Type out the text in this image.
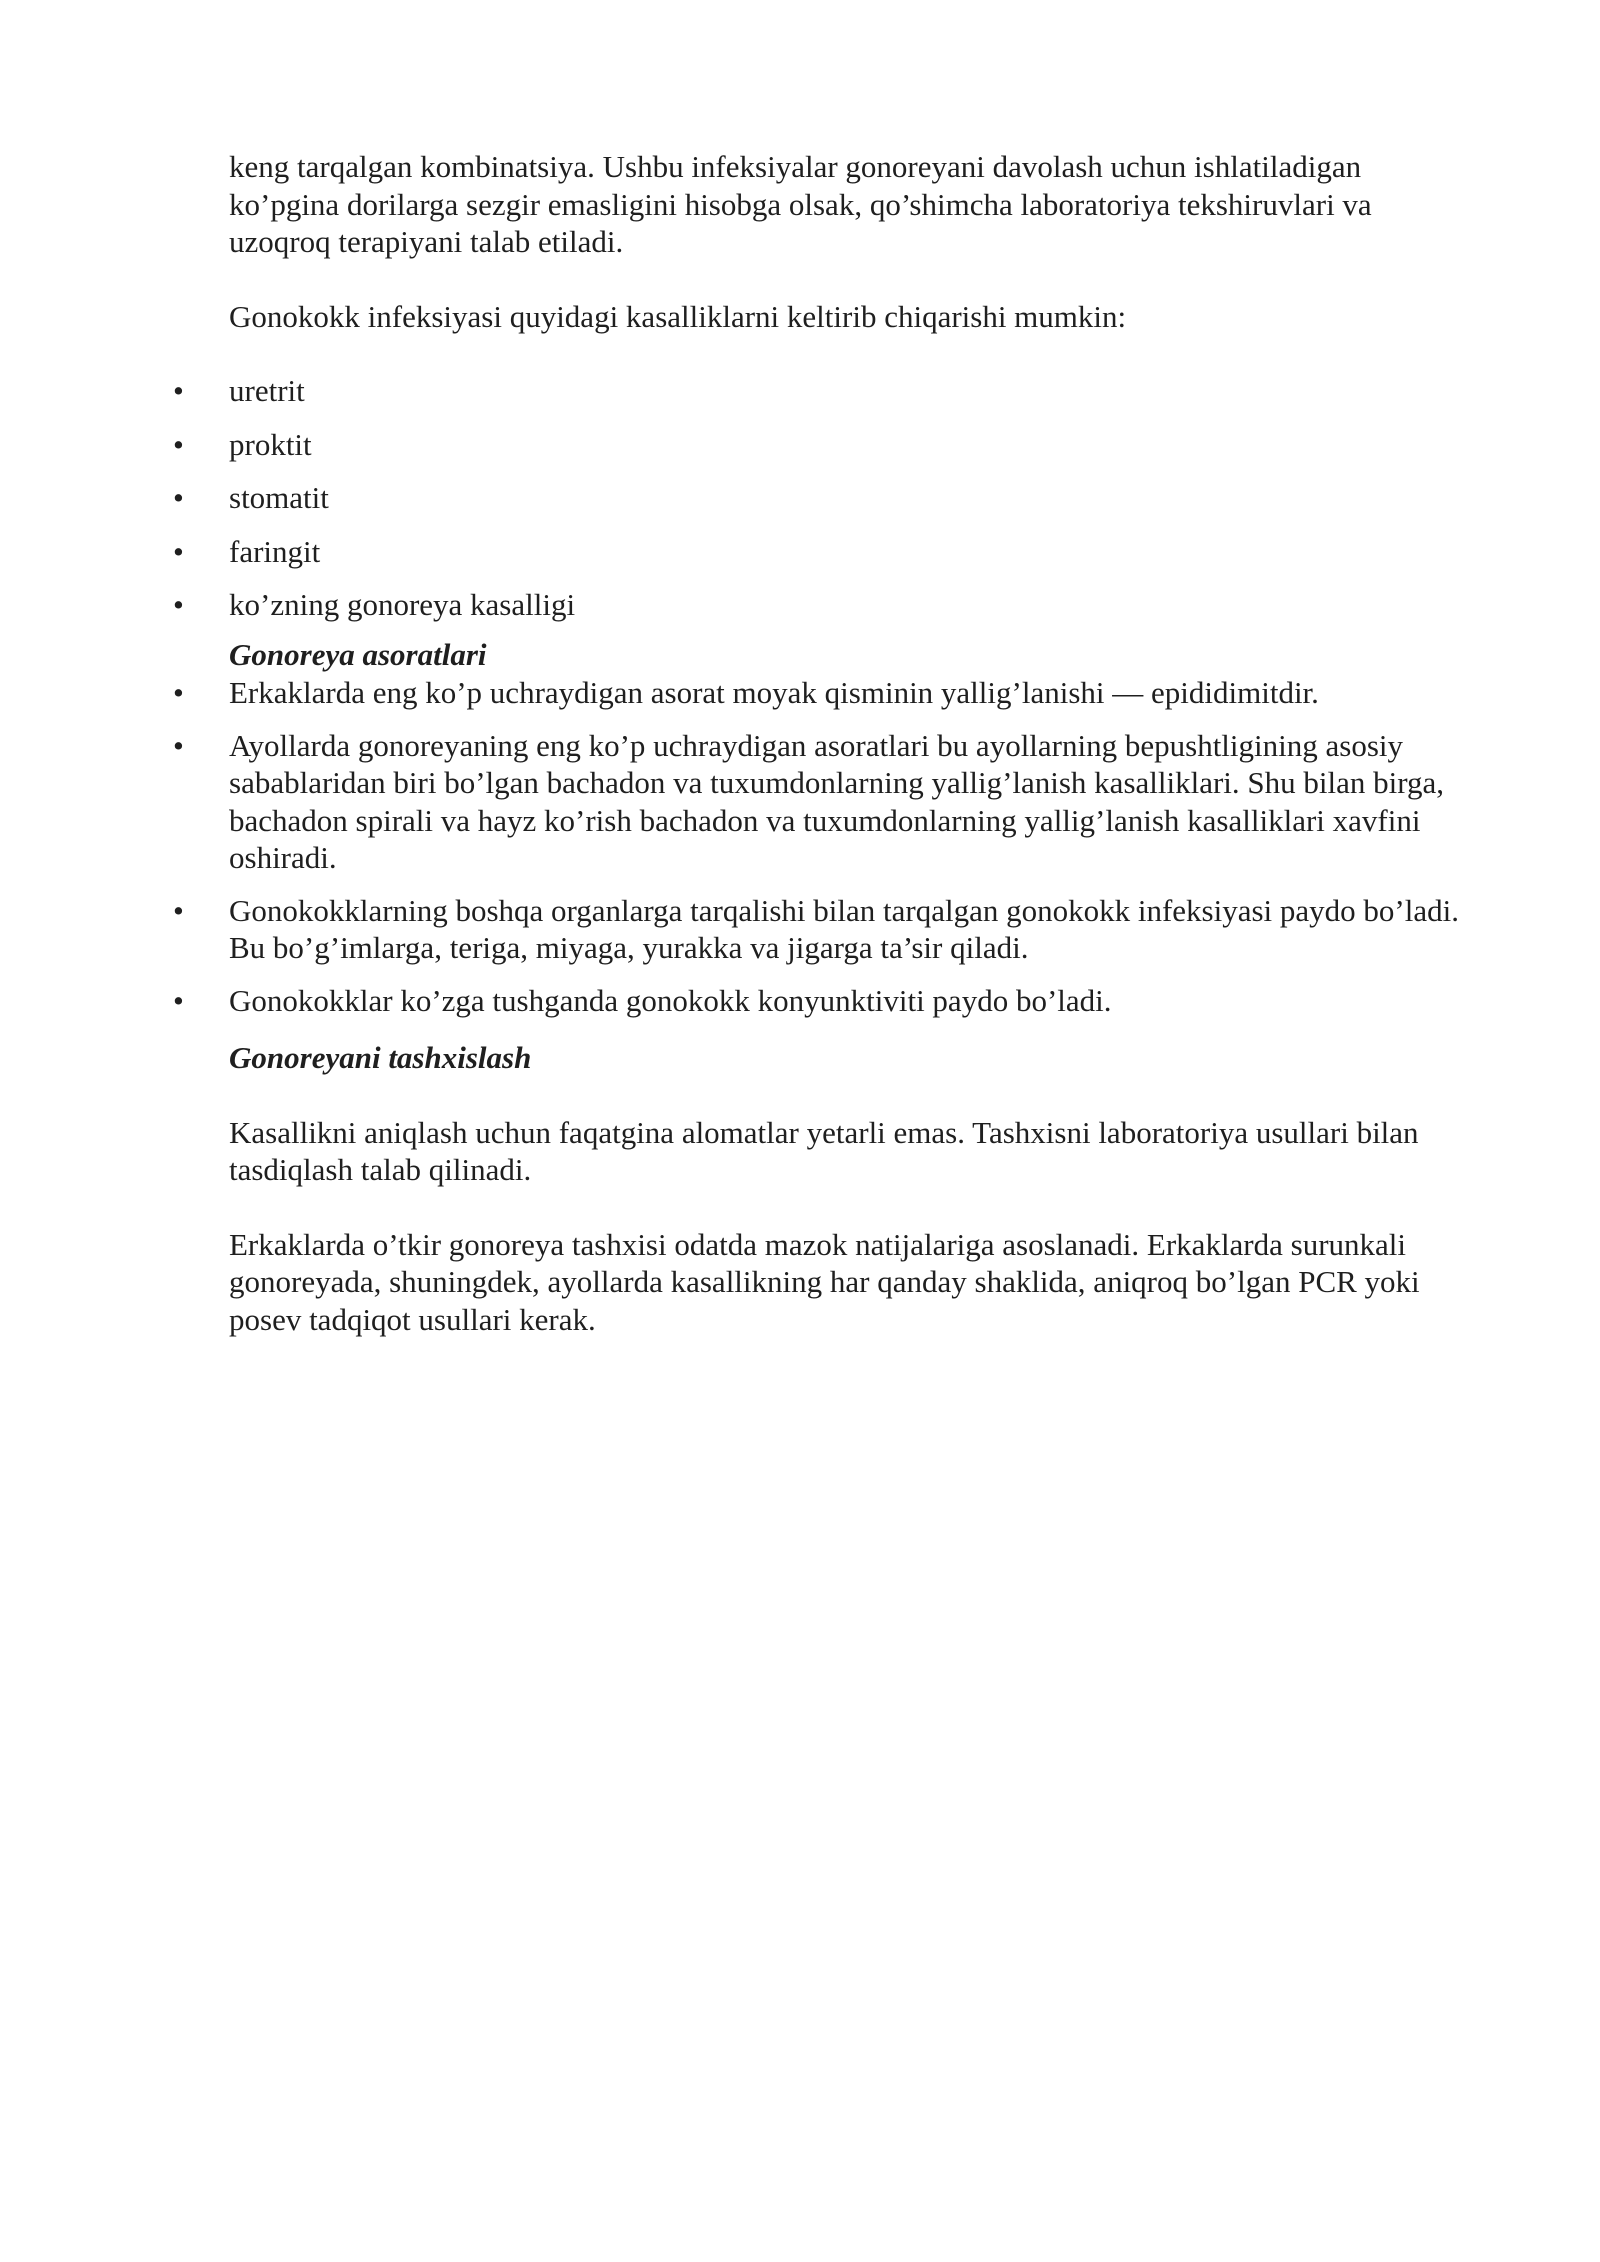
keng tarqalgan kombinatsiya. Ushbu infeksiyalar gonoreyani davolash uchun ishlatiladigan ko’pgina dorilarga sezgir emasligini hisobga olsak, qo’shimcha laboratoriya tekshiruvlari va uzoqroq terapiyani talab etiladi.

Gonokokk infeksiyasi quyidagi kasalliklarni keltirib chiqarishi mumkin:

• uretrit
• proktit
• stomatit
• faringit
• ko’zning gonoreya kasalligi

Gonoreya asoratlari

• Erkaklarda eng ko’p uchraydigan asorat moyak qisminin yallig’lanishi — epididimitdir.
• Ayollarda gonoreyaning eng ko’p uchraydigan asoratlari bu ayollarning bepushtligining asosiy sabablaridan biri bo’lgan bachadon va tuxumdonlarning yallig’lanish kasalliklari. Shu bilan birga, bachadon spirali va hayz ko’rish bachadon va tuxumdonlarning yallig’lanish kasalliklari xavfini oshiradi.
• Gonokokklarning boshqa organlarga tarqalishi bilan tarqalgan gonokokk infeksiyasi paydo bo’ladi. Bu bo’g’imlarga, teriga, miyaga, yurakka va jigarga ta’sir qiladi.
• Gonokokklar ko’zga tushganda gonokokk konyunktiviti paydo bo’ladi.

Gonoreyani tashxislash

Kasallikni aniqlash uchun faqatgina alomatlar yetarli emas. Tashxisni laboratoriya usullari bilan tasdiqlash talab qilinadi.

Erkaklarda o’tkir gonoreya tashxisi odatda mazok natijalariga asoslanadi. Erkaklarda surunkali gonoreyada, shuningdek, ayollarda kasallikning har qanday shaklida, aniqroq bo’lgan PCR yoki posev tadqiqot usullari kerak.
